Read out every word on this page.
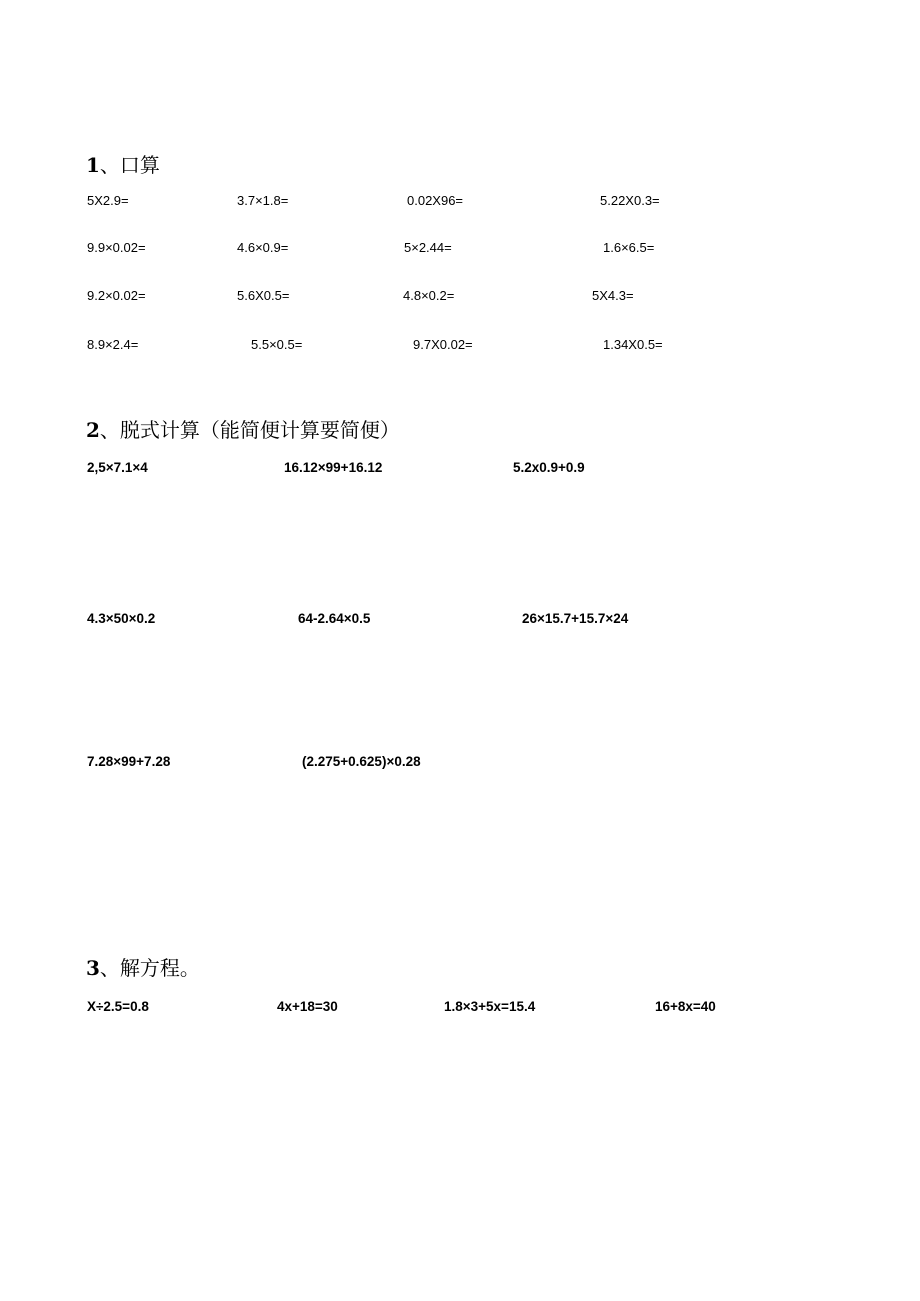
1、口算
5X2.9=	3.7×1.8=	0.02X96=	5.22X0.3=
9.9×0.02=	4.6×0.9=	5×2.44=	1.6×6.5=
9.2×0.02=	5.6X0.5=	4.8×0.2=	5X4.3=
8.9×2.4=	5.5×0.5=	9.7X0.02=	1.34X0.5=
2、脱式计算（能简便计算要简便）
2,5×7.1×4	16.12×99+16.12	5.2x0.9+0.9
4.3×50×0.2	64-2.64×0.5	26×15.7+15.7×24
7.28×99+7.28	(2.275+0.625)×0.28
3、解方程。
X÷2.5=0.8	4x+18=30	1.8×3+5x=15.4	16+8x=40
